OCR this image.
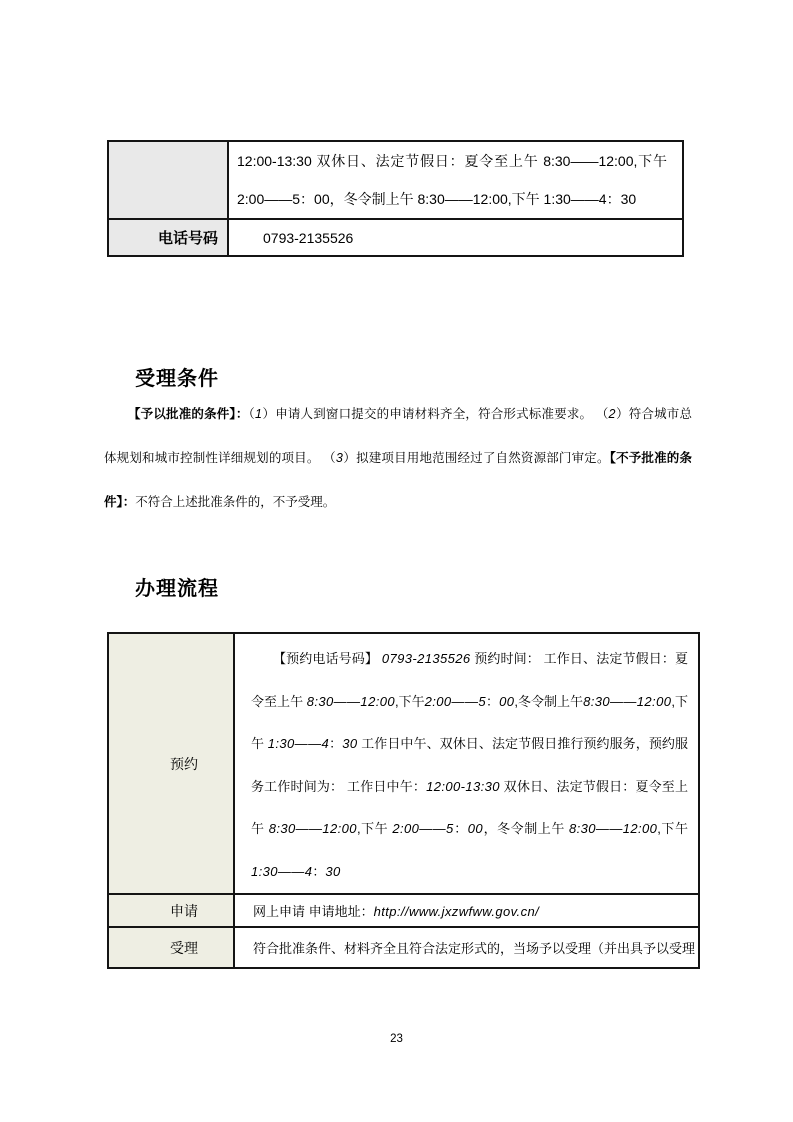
	12:00-13:30 双休日、法定节假日：夏令至上午 8:30——12:00,下午 2:00——5：00，冬令制上午 8:30——12:00,下午 1:30——4：30
电话号码	0793-2135526
受理条件

【予以批准的条件】：（1）申请人到窗口提交的申请材料齐全，符合形式标准要求。 （2）符合城市总体规划和城市控制性详细规划的项目。 （3）拟建项目用地范围经过了自然资源部门审定。【不予批准的条件】：不符合上述批准条件的，不予受理。

办理流程
预约	【预约电话号码】 0793-2135526 预约时间： 工作日、法定节假日：夏令至上午 8:30——12:00,下午2:00——5：00,冬令制上午8:30——12:00,下午 1:30——4：30 工作日中午、双休日、法定节假日推行预约服务，预约服务工作时间为： 工作日中午：12:00-13:30 双休日、法定节假日：夏令至上午 8:30——12:00,下午 2:00——5：00，冬令制上午 8:30——12:00,下午 1:30——4：30
申请	网上申请 申请地址：http://www.jxzwfww.gov.cn/
受理	符合批准条件、材料齐全且符合法定形式的，当场予以受理（并出具予以受理
23
